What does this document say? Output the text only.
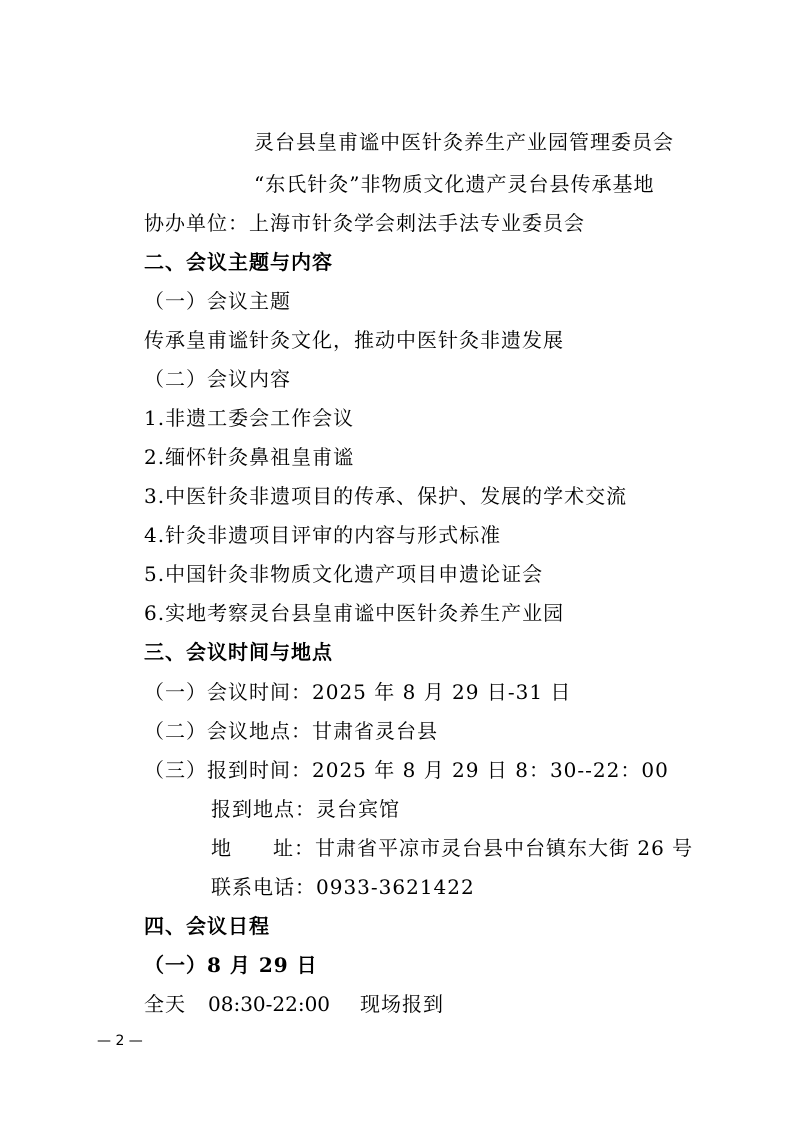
灵台县皇甫谧中医针灸养生产业园管理委员会
“东氏针灸”非物质文化遗产灵台县传承基地
协办单位：上海市针灸学会刺法手法专业委员会
二、会议主题与内容
（一）会议主题
传承皇甫谧针灸文化，推动中医针灸非遗发展
（二）会议内容
1.非遗工委会工作会议
2.缅怀针灸鼻祖皇甫谧
3.中医针灸非遗项目的传承、保护、发展的学术交流
4.针灸非遗项目评审的内容与形式标准
5.中国针灸非物质文化遗产项目申遗论证会
6.实地考察灵台县皇甫谧中医针灸养生产业园
三、会议时间与地点
（一）会议时间：2025 年 8 月 29 日-31 日
（二）会议地点：甘肃省灵台县
（三）报到时间：2025 年 8 月 29 日 8：30--22：00
报到地点：灵台宾馆
地 址：甘肃省平凉市灵台县中台镇东大街 26 号
联系电话：0933-3621422
四、会议日程
（一）8 月 29 日
全天 08:30-22:00 现场报到
— 2 —
